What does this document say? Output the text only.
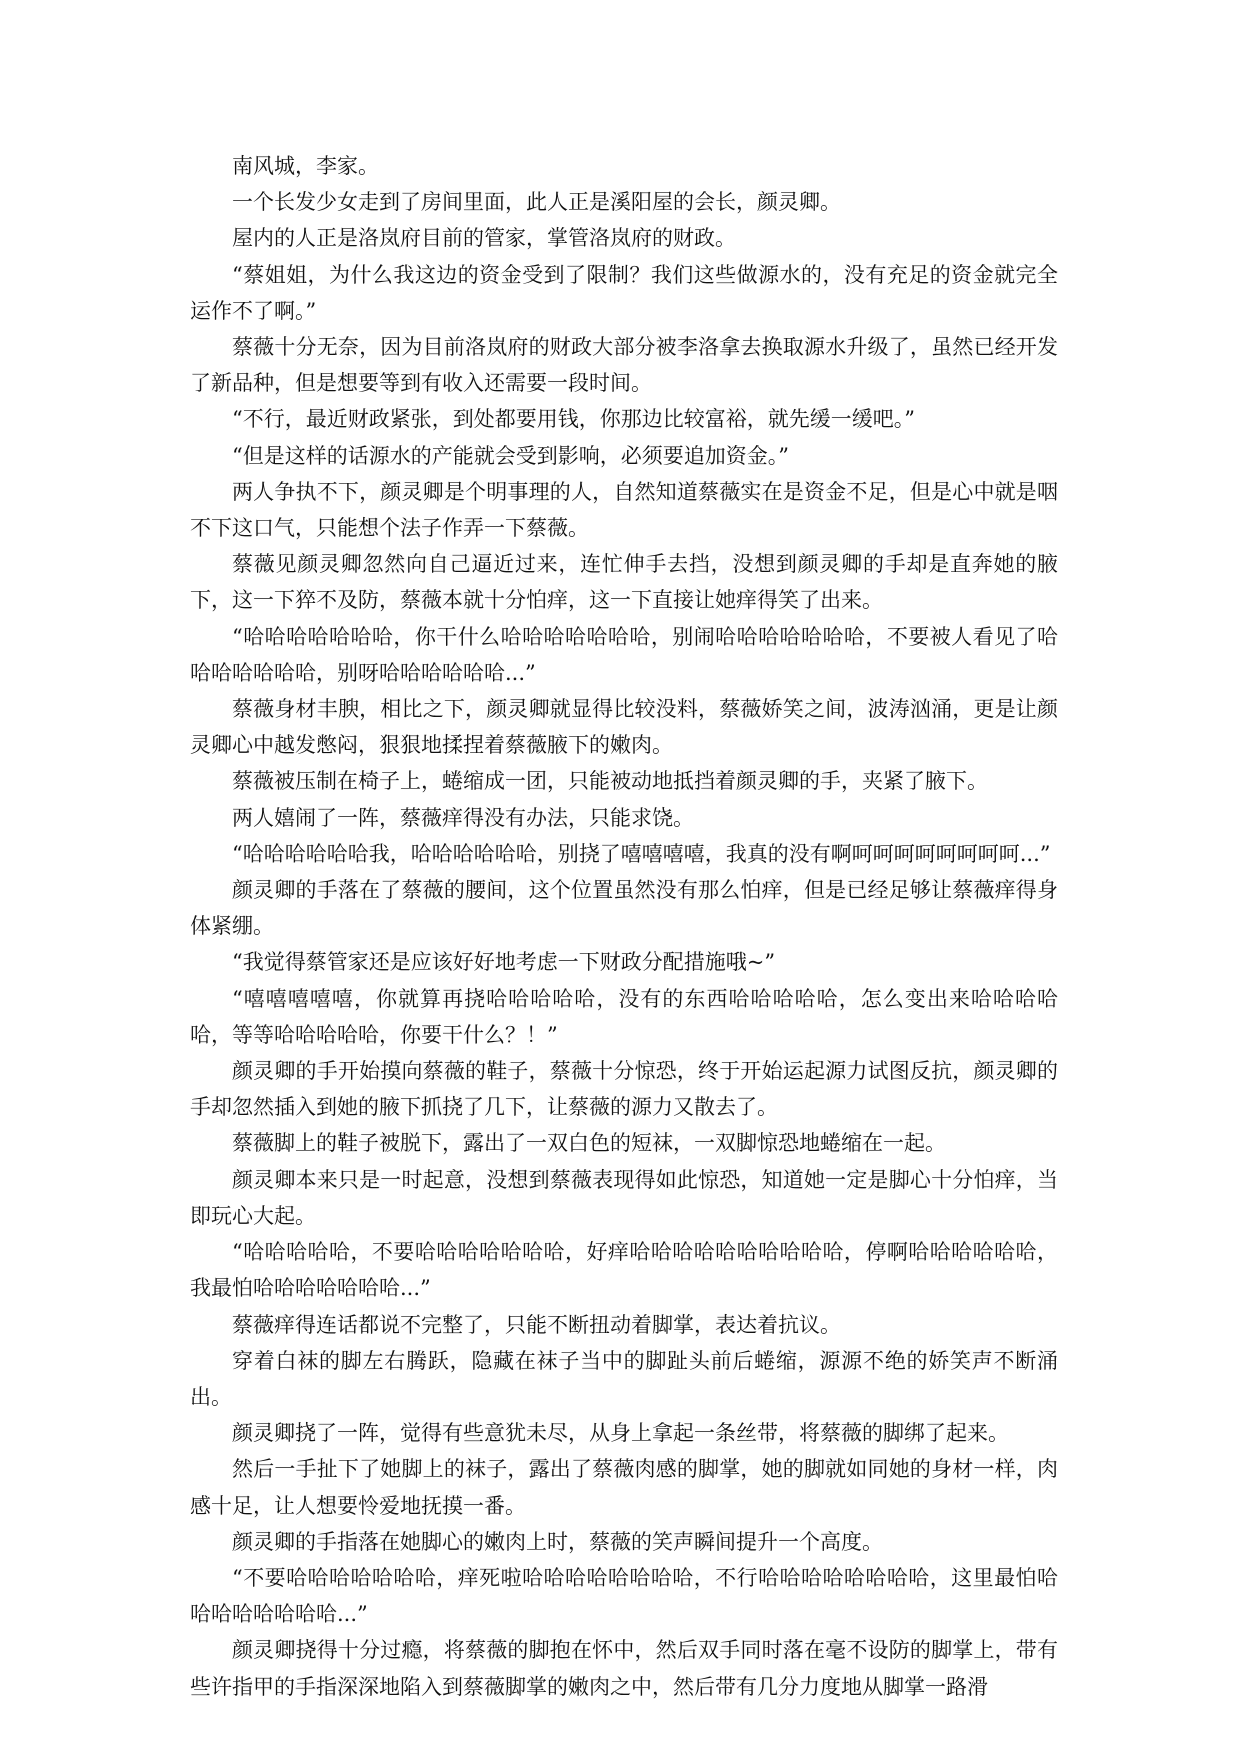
南风城，李家。

一个长发少女走到了房间里面，此人正是溪阳屋的会长，颜灵卿。

屋内的人正是洛岚府目前的管家，掌管洛岚府的财政。

“蔡姐姐，为什么我这边的资金受到了限制？我们这些做源水的，没有充足的资金就完全运作不了啊。”

蔡薇十分无奈，因为目前洛岚府的财政大部分被李洛拿去换取源水升级了，虽然已经开发了新品种，但是想要等到有收入还需要一段时间。

“不行，最近财政紧张，到处都要用钱，你那边比较富裕，就先缓一缓吧。”

“但是这样的话源水的产能就会受到影响，必须要追加资金。”

两人争执不下，颜灵卿是个明事理的人，自然知道蔡薇实在是资金不足，但是心中就是咽不下这口气，只能想个法子作弄一下蔡薇。

蔡薇见颜灵卿忽然向自己逼近过来，连忙伸手去挡，没想到颜灵卿的手却是直奔她的腋下，这一下猝不及防，蔡薇本就十分怕痒，这一下直接让她痒得笑了出来。

“哈哈哈哈哈哈哈，你干什么哈哈哈哈哈哈哈，别闹哈哈哈哈哈哈哈，不要被人看见了哈哈哈哈哈哈哈，别呀哈哈哈哈哈哈...”

蔡薇身材丰腴，相比之下，颜灵卿就显得比较没料，蔡薇娇笑之间，波涛汹涌，更是让颜灵卿心中越发憋闷，狠狠地揉捏着蔡薇腋下的嫩肉。

蔡薇被压制在椅子上，蜷缩成一团，只能被动地抵挡着颜灵卿的手，夹紧了腋下。

两人嬉闹了一阵，蔡薇痒得没有办法，只能求饶。

“哈哈哈哈哈哈我，哈哈哈哈哈哈，别挠了嘻嘻嘻嘻，我真的没有啊呵呵呵呵呵呵呵呵...”

颜灵卿的手落在了蔡薇的腰间，这个位置虽然没有那么怕痒，但是已经足够让蔡薇痒得身体紧绷。

“我觉得蔡管家还是应该好好地考虑一下财政分配措施哦~”

“嘻嘻嘻嘻嘻，你就算再挠哈哈哈哈哈，没有的东西哈哈哈哈哈，怎么变出来哈哈哈哈哈，等等哈哈哈哈哈，你要干什么？！”

颜灵卿的手开始摸向蔡薇的鞋子，蔡薇十分惊恐，终于开始运起源力试图反抗，颜灵卿的手却忽然插入到她的腋下抓挠了几下，让蔡薇的源力又散去了。

蔡薇脚上的鞋子被脱下，露出了一双白色的短袜，一双脚惊恐地蜷缩在一起。

颜灵卿本来只是一时起意，没想到蔡薇表现得如此惊恐，知道她一定是脚心十分怕痒，当即玩心大起。

“哈哈哈哈哈，不要哈哈哈哈哈哈哈，好痒哈哈哈哈哈哈哈哈哈哈，停啊哈哈哈哈哈哈，我最怕哈哈哈哈哈哈哈...”

蔡薇痒得连话都说不完整了，只能不断扭动着脚掌，表达着抗议。

穿着白袜的脚左右腾跃，隐藏在袜子当中的脚趾头前后蜷缩，源源不绝的娇笑声不断涌出。

颜灵卿挠了一阵，觉得有些意犹未尽，从身上拿起一条丝带，将蔡薇的脚绑了起来。

然后一手扯下了她脚上的袜子，露出了蔡薇肉感的脚掌，她的脚就如同她的身材一样，肉感十足，让人想要怜爱地抚摸一番。

颜灵卿的手指落在她脚心的嫩肉上时，蔡薇的笑声瞬间提升一个高度。

“不要哈哈哈哈哈哈哈，痒死啦哈哈哈哈哈哈哈哈，不行哈哈哈哈哈哈哈哈，这里最怕哈哈哈哈哈哈哈哈...”

颜灵卿挠得十分过瘾，将蔡薇的脚抱在怀中，然后双手同时落在毫不设防的脚掌上，带有些许指甲的手指深深地陷入到蔡薇脚掌的嫩肉之中，然后带有几分力度地从脚掌一路滑
